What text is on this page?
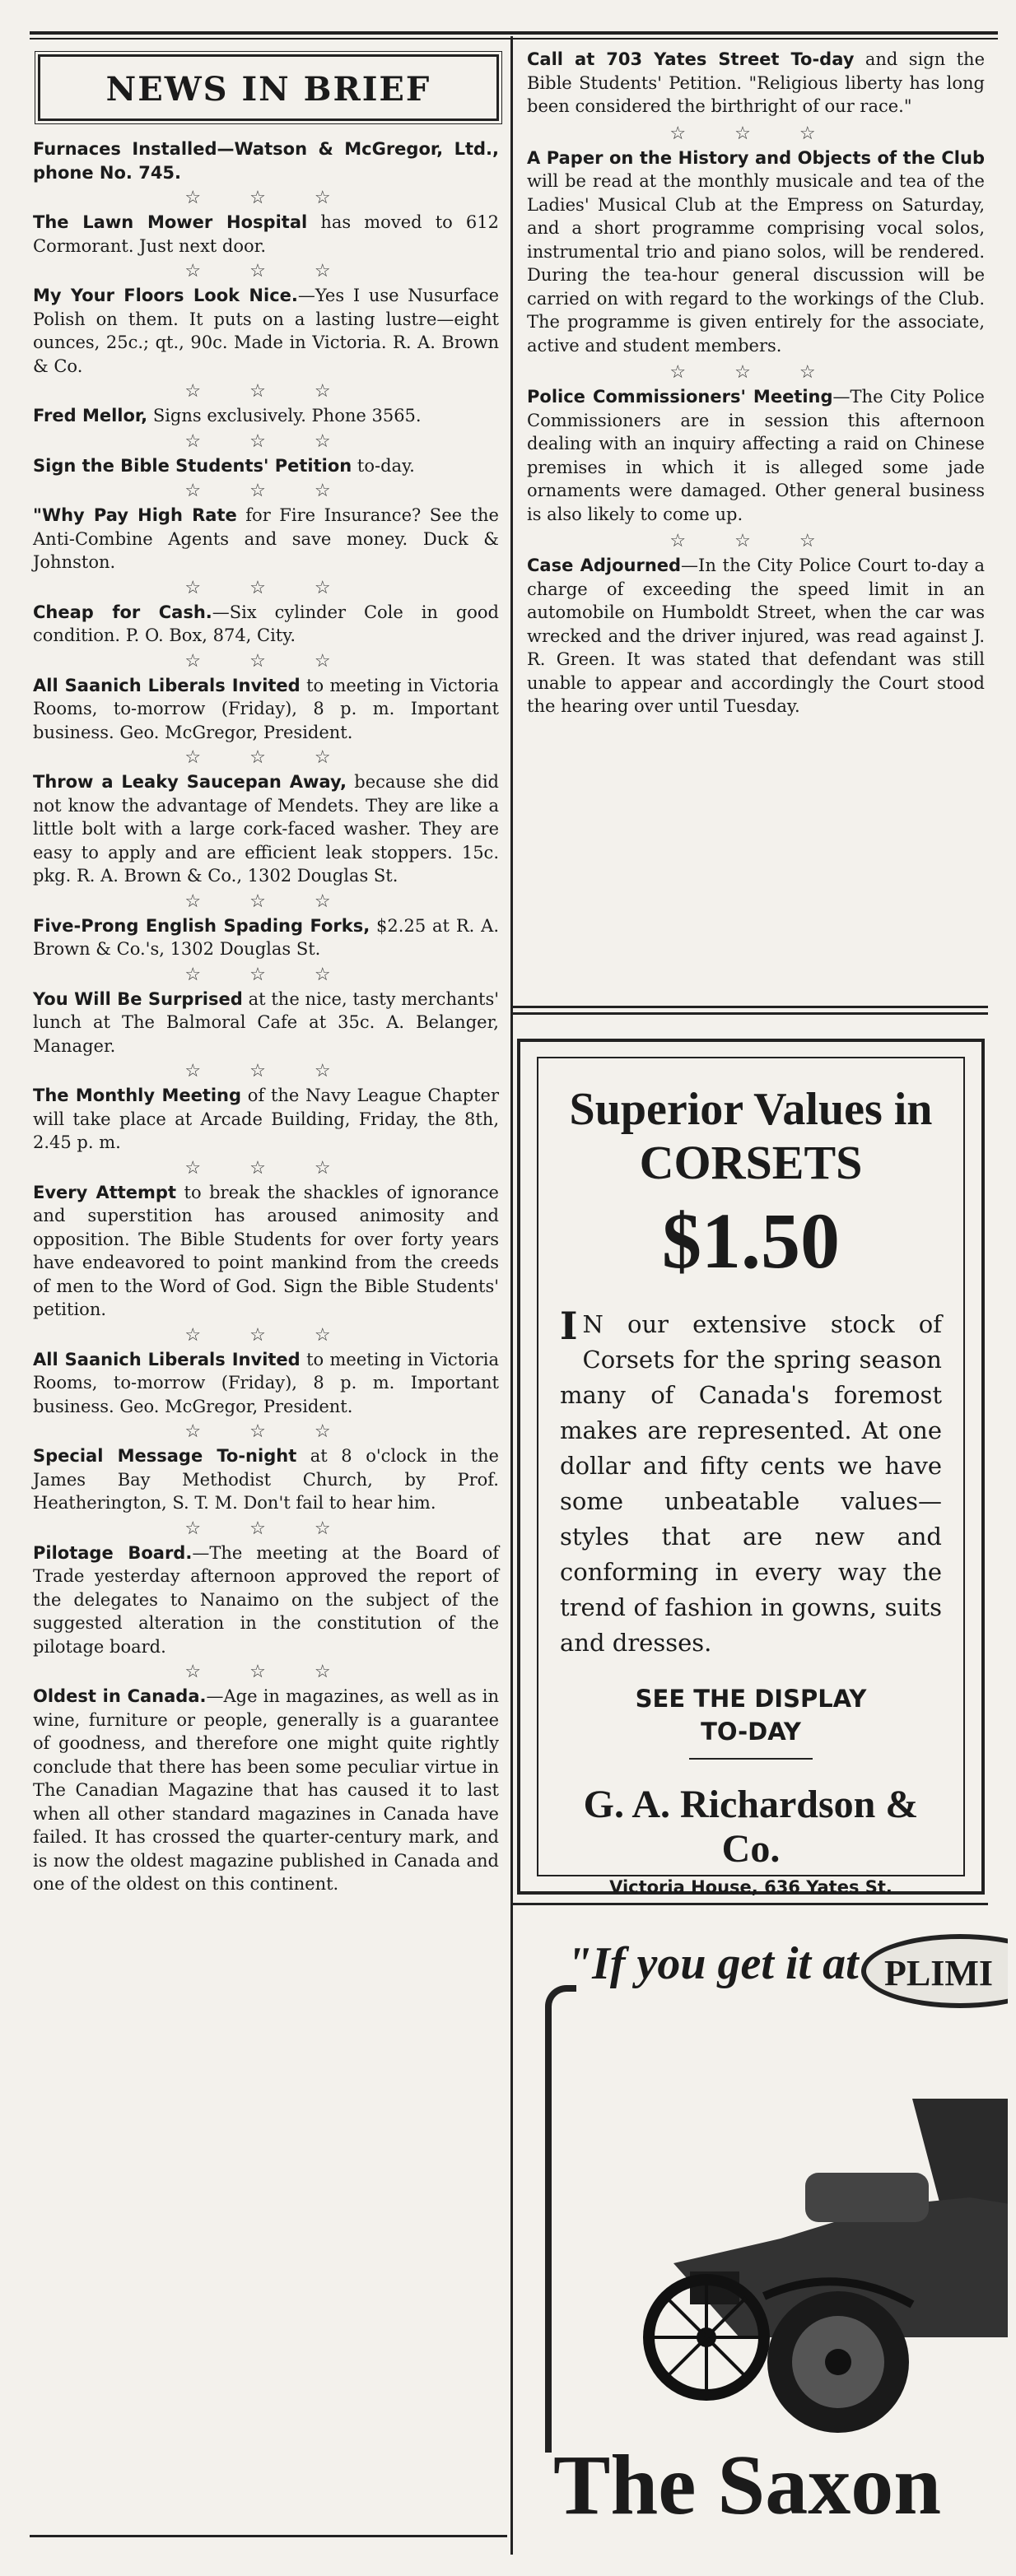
NEWS IN BRIEF

Furnaces Installed—Watson & McGregor, Ltd., phone No. 745.

☆ ☆ ☆

The Lawn Mower Hospital has moved to 612 Cormorant. Just next door.

☆ ☆ ☆

My Your Floors Look Nice.—Yes I use Nusurface Polish on them. It puts on a lasting lustre—eight ounces, 25c.; qt., 90c. Made in Victoria. R. A. Brown & Co.

☆ ☆ ☆

Fred Mellor, Signs exclusively. Phone 3565.

☆ ☆ ☆

Sign the Bible Students' Petition to-day.

☆ ☆ ☆

"Why Pay High Rate for Fire Insurance? See the Anti-Combine Agents and save money. Duck & Johnston.

☆ ☆ ☆

Cheap for Cash.—Six cylinder Cole in good condition. P. O. Box, 874, City.

☆ ☆ ☆

All Saanich Liberals Invited to meeting in Victoria Rooms, to-morrow (Friday), 8 p. m. Important business. Geo. McGregor, President.

☆ ☆ ☆

Throw a Leaky Saucepan Away, because she did not know the advantage of Mendets. They are like a little bolt with a large cork-faced washer. They are easy to apply and are efficient leak stoppers. 15c. pkg. R. A. Brown & Co., 1302 Douglas St.

☆ ☆ ☆

Five-Prong English Spading Forks, $2.25 at R. A. Brown & Co.'s, 1302 Douglas St.

☆ ☆ ☆

You Will Be Surprised at the nice, tasty merchants' lunch at The Balmoral Cafe at 35c. A. Belanger, Manager.

☆ ☆ ☆

The Monthly Meeting of the Navy League Chapter will take place at Arcade Building, Friday, the 8th, 2.45 p. m.

☆ ☆ ☆

Every Attempt to break the shackles of ignorance and superstition has aroused animosity and opposition. The Bible Students for over forty years have endeavored to point mankind from the creeds of men to the Word of God. Sign the Bible Students' petition.

☆ ☆ ☆

All Saanich Liberals Invited to meeting in Victoria Rooms, to-morrow (Friday), 8 p. m. Important business. Geo. McGregor, President.

☆ ☆ ☆

Special Message To-night at 8 o'clock in the James Bay Methodist Church, by Prof. Heatherington, S. T. M. Don't fail to hear him.

☆ ☆ ☆

Pilotage Board.—The meeting at the Board of Trade yesterday afternoon approved the report of the delegates to Nanaimo on the subject of the suggested alteration in the constitution of the pilotage board.

☆ ☆ ☆

Oldest in Canada.—Age in magazines, as well as in wine, furniture or people, generally is a guarantee of goodness, and therefore one might quite rightly conclude that there has been some peculiar virtue in The Canadian Magazine that has caused it to last when all other standard magazines in Canada have failed. It has crossed the quarter-century mark, and is now the oldest magazine published in Canada and one of the oldest on this continent.

Call at 703 Yates Street To-day and sign the Bible Students' Petition. "Religious liberty has long been considered the birthright of our race."

☆ ☆ ☆

A Paper on the History and Objects of the Club will be read at the monthly musicale and tea of the Ladies' Musical Club at the Empress on Saturday, and a short programme comprising vocal solos, instrumental trio and piano solos, will be rendered. During the tea-hour general discussion will be carried on with regard to the workings of the Club. The programme is given entirely for the associate, active and student members.

☆ ☆ ☆

Police Commissioners' Meeting—The City Police Commissioners are in session this afternoon dealing with an inquiry affecting a raid on Chinese premises in which it is alleged some jade ornaments were damaged. Other general business is also likely to come up.

☆ ☆ ☆

Case Adjourned—In the City Police Court to-day a charge of exceeding the speed limit in an automobile on Humboldt Street, when the car was wrecked and the driver injured, was read against J. R. Green. It was stated that defendant was still unable to appear and accordingly the Court stood the hearing over until Tuesday.

Superior Values in
CORSETS
$1.50
I N our extensive stock of Corsets for the spring season many of Canada's foremost makes are represented. At one dollar and fifty cents we have some unbeatable values—styles that are new and conforming in every way the trend of fashion in gowns, suits and dresses.
SEE THE DISPLAY
TO-DAY
G. A. Richardson & Co.
Victoria House, 636 Yates St.
"If you get it at PLIMI
The Saxon
